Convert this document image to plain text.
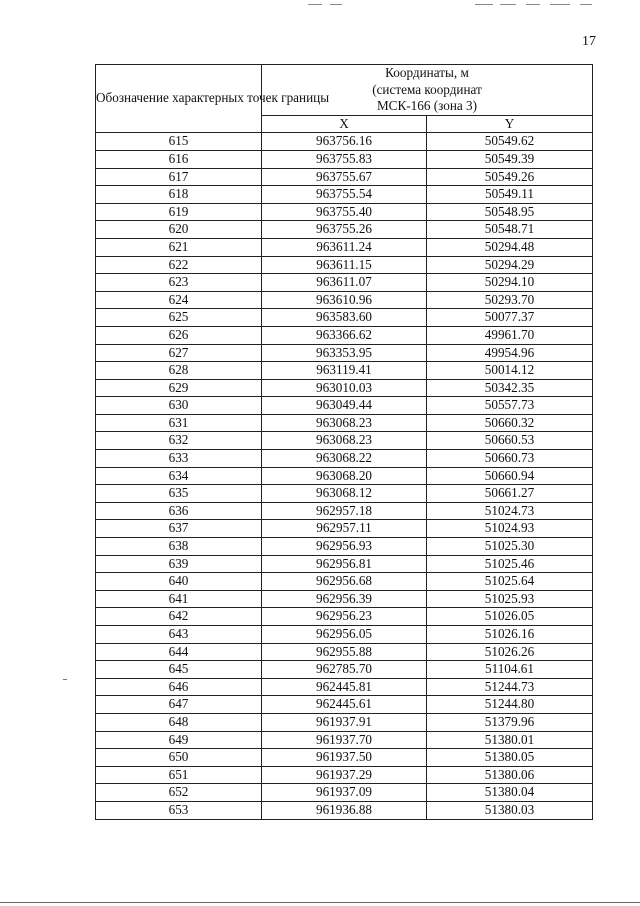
17
Обозначение характерных точек границы	Координаты, м
(система координат
МСК-166 (зона 3)	

	X	Y
615	963756.16	50549.62
616	963755.83	50549.39
617	963755.67	50549.26
618	963755.54	50549.11
619	963755.40	50548.95
620	963755.26	50548.71
621	963611.24	50294.48
622	963611.15	50294.29
623	963611.07	50294.10
624	963610.96	50293.70
625	963583.60	50077.37
626	963366.62	49961.70
627	963353.95	49954.96
628	963119.41	50014.12
629	963010.03	50342.35
630	963049.44	50557.73
631	963068.23	50660.32
632	963068.23	50660.53
633	963068.22	50660.73
634	963068.20	50660.94
635	963068.12	50661.27
636	962957.18	51024.73
637	962957.11	51024.93
638	962956.93	51025.30
639	962956.81	51025.46
640	962956.68	51025.64
641	962956.39	51025.93
642	962956.23	51026.05
643	962956.05	51026.16
644	962955.88	51026.26
645	962785.70	51104.61
646	962445.81	51244.73
647	962445.61	51244.80
648	961937.91	51379.96
649	961937.70	51380.01
650	961937.50	51380.05
651	961937.29	51380.06
652	961937.09	51380.04
653	961936.88	51380.03
